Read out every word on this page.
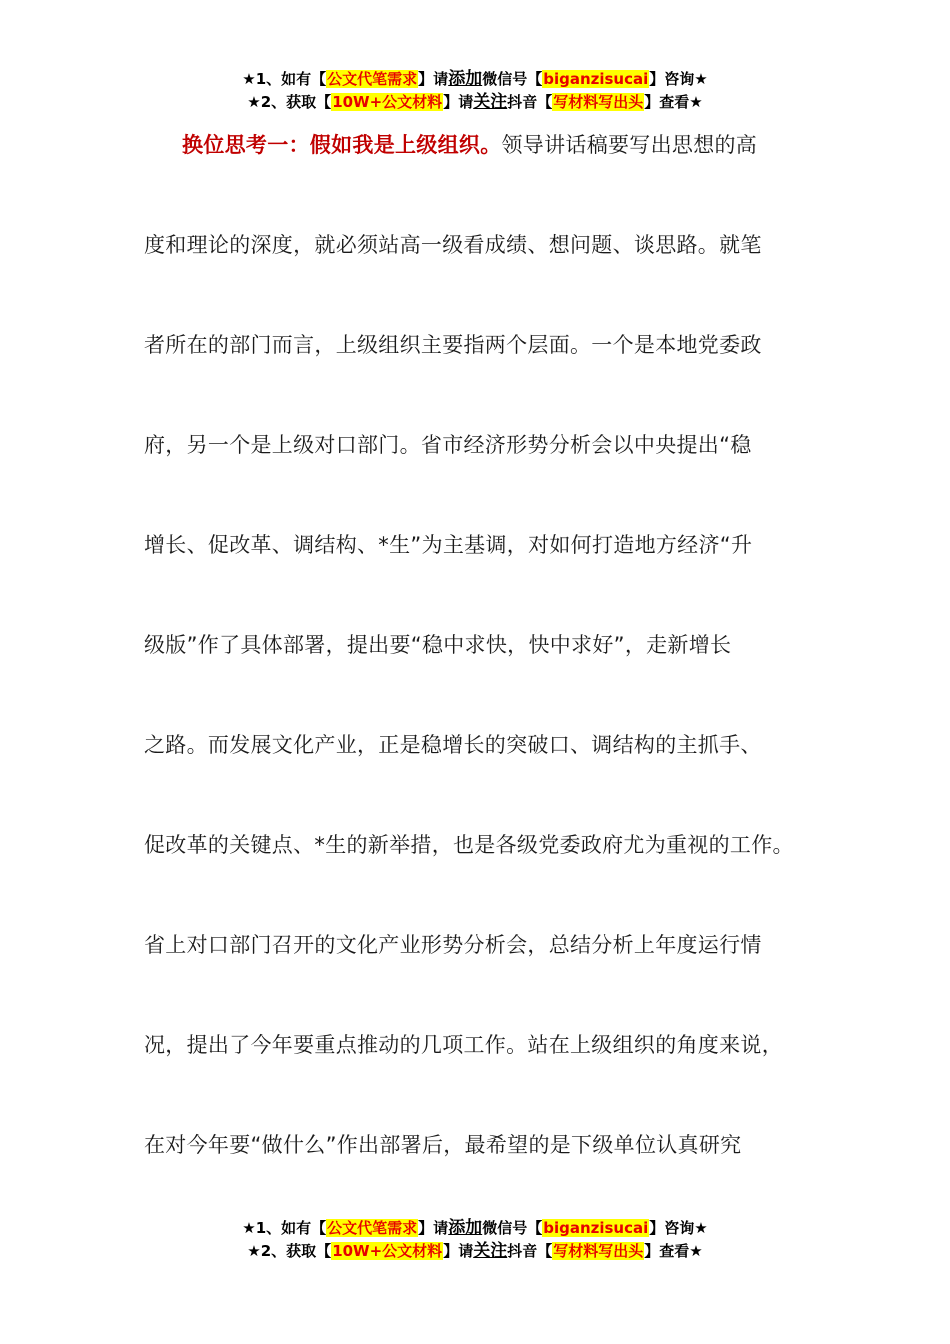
★1、如有【公文代笔需求】请添加微信号【biganzisucai】咨询★
★2、获取【10W+公文材料】请关注抖音【写材料写出头】查看★
换位思考一：假如我是上级组织。领导讲话稿要写出思想的高
度和理论的深度，就必须站高一级看成绩、想问题、谈思路。就笔
者所在的部门而言，上级组织主要指两个层面。一个是本地党委政
府，另一个是上级对口部门。省市经济形势分析会以中央提出“稳
增长、促改革、调结构、*生”为主基调，对如何打造地方经济“升
级版”作了具体部署，提出要“稳中求快，快中求好”，走新增长
之路。而发展文化产业，正是稳增长的突破口、调结构的主抓手、
促改革的关键点、*生的新举措，也是各级党委政府尤为重视的工作。
省上对口部门召开的文化产业形势分析会，总结分析上年度运行情
况，提出了今年要重点推动的几项工作。站在上级组织的角度来说，
在对今年要“做什么”作出部署后，最希望的是下级单位认真研究
★1、如有【公文代笔需求】请添加微信号【biganzisucai】咨询★
★2、获取【10W+公文材料】请关注抖音【写材料写出头】查看★
